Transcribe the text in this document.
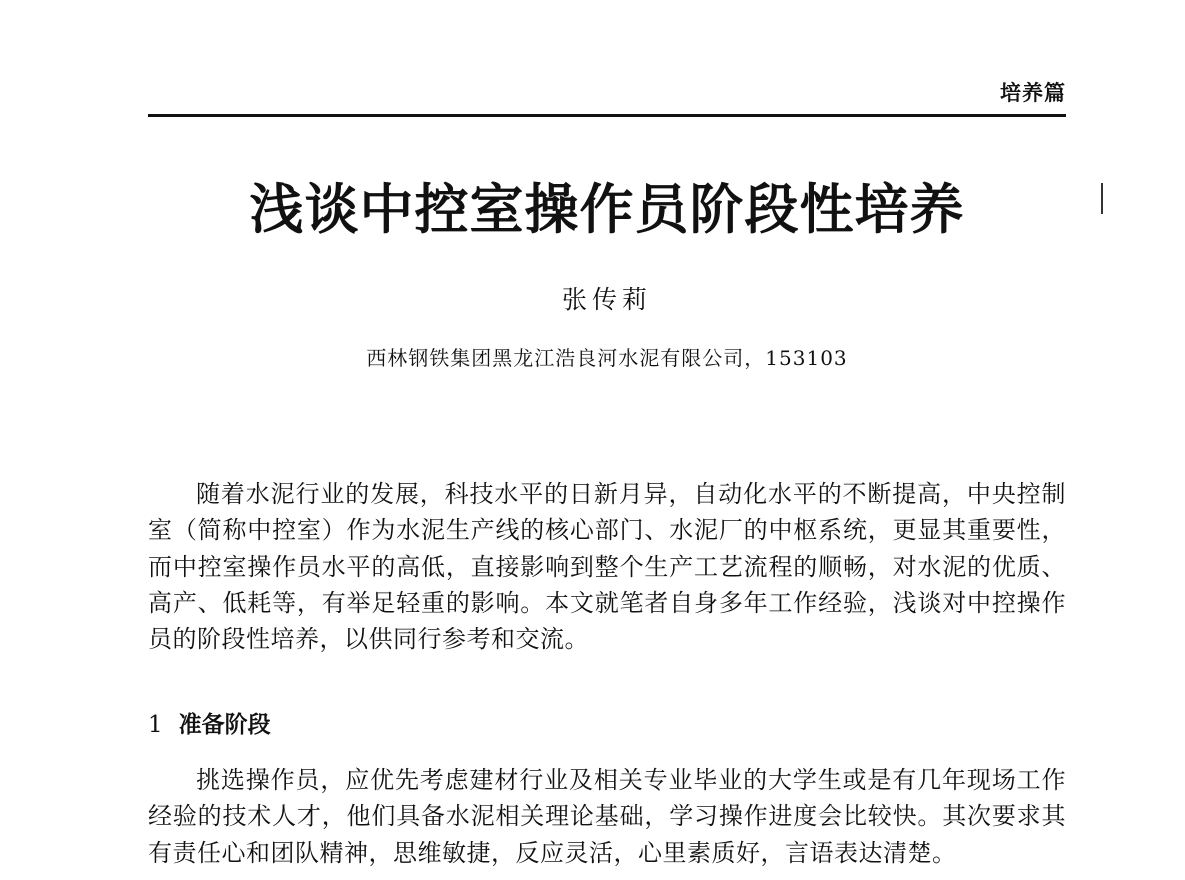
培养篇
浅谈中控室操作员阶段性培养
张传莉
西林钢铁集团黑龙江浩良河水泥有限公司，153103

随着水泥行业的发展，科技水平的日新月异，自动化水平的不断提高，中央控制室（简称中控室）作为水泥生产线的核心部门、水泥厂的中枢系统，更显其重要性，而中控室操作员水平的高低，直接影响到整个生产工艺流程的顺畅，对水泥的优质、高产、低耗等，有举足轻重的影响。本文就笔者自身多年工作经验，浅谈对中控操作员的阶段性培养，以供同行参考和交流。

1 准备阶段

挑选操作员，应优先考虑建材行业及相关专业毕业的大学生或是有几年现场工作经验的技术人才，他们具备水泥相关理论基础，学习操作进度会比较快。其次要求其有责任心和团队精神，思维敏捷，反应灵活，心里素质好，言语表达清楚。
